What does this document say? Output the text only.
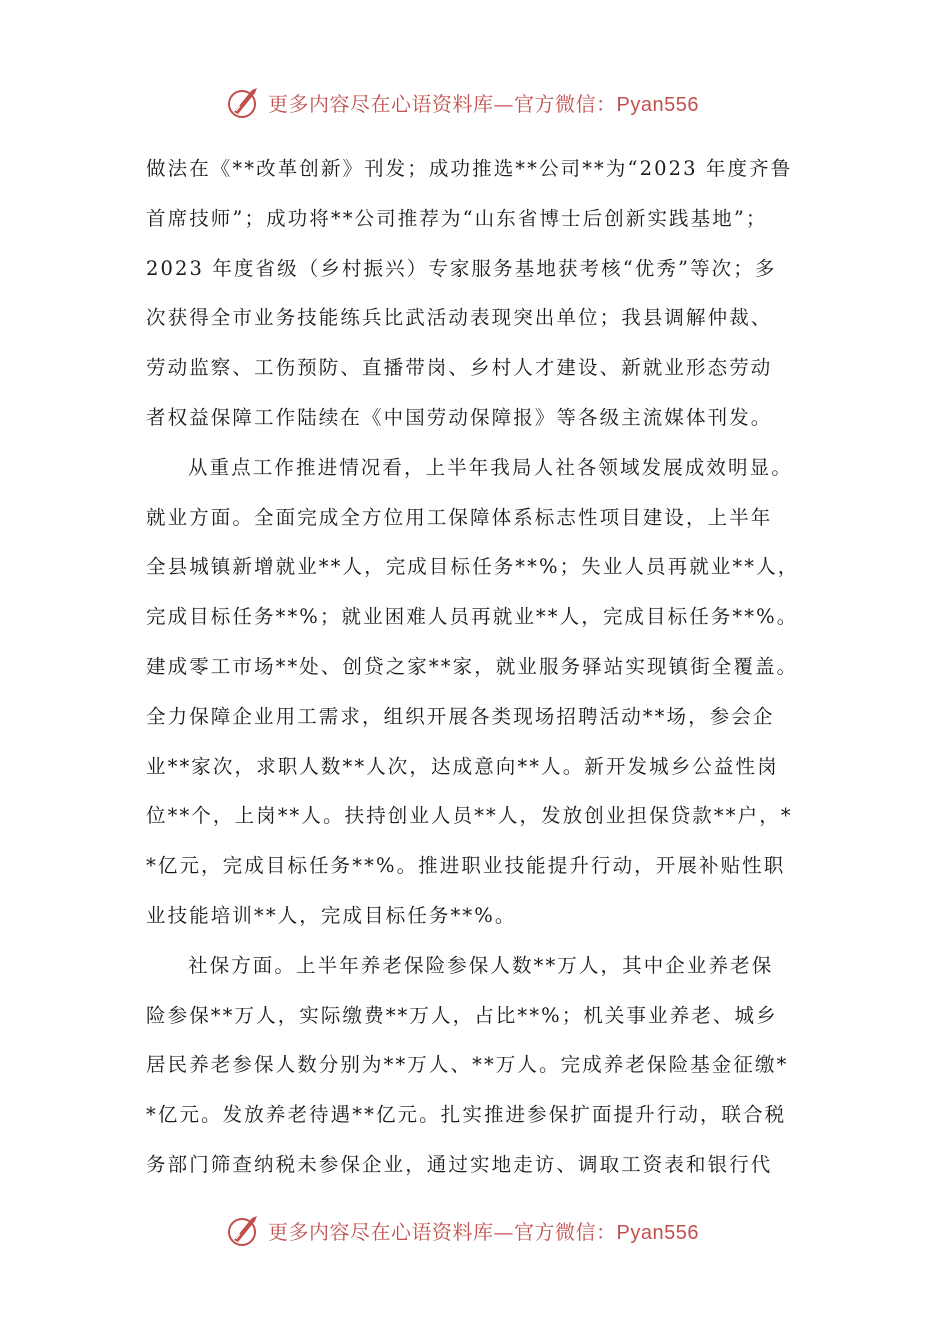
更多内容尽在心语资料库—官方微信：Pyan556
做法在《**改革创新》刊发；成功推选**公司**为“2023 年度齐鲁
首席技师”；成功将**公司推荐为“山东省博士后创新实践基地”；
2023 年度省级（乡村振兴）专家服务基地获考核“优秀”等次；多
次获得全市业务技能练兵比武活动表现突出单位；我县调解仲裁、
劳动监察、工伤预防、直播带岗、乡村人才建设、新就业形态劳动
者权益保障工作陆续在《中国劳动保障报》等各级主流媒体刊发。
从重点工作推进情况看，上半年我局人社各领域发展成效明显。
就业方面。全面完成全方位用工保障体系标志性项目建设，上半年
全县城镇新增就业**人，完成目标任务**%；失业人员再就业**人，
完成目标任务**%；就业困难人员再就业**人，完成目标任务**%。
建成零工市场**处、创贷之家**家，就业服务驿站实现镇街全覆盖。
全力保障企业用工需求，组织开展各类现场招聘活动**场，参会企
业**家次，求职人数**人次，达成意向**人。新开发城乡公益性岗
位**个，上岗**人。扶持创业人员**人，发放创业担保贷款**户，*
*亿元，完成目标任务**%。推进职业技能提升行动，开展补贴性职
业技能培训**人，完成目标任务**%。
社保方面。上半年养老保险参保人数**万人，其中企业养老保
险参保**万人，实际缴费**万人，占比**%；机关事业养老、城乡
居民养老参保人数分别为**万人、**万人。完成养老保险基金征缴*
*亿元。发放养老待遇**亿元。扎实推进参保扩面提升行动，联合税
务部门筛查纳税未参保企业，通过实地走访、调取工资表和银行代
更多内容尽在心语资料库—官方微信：Pyan556
